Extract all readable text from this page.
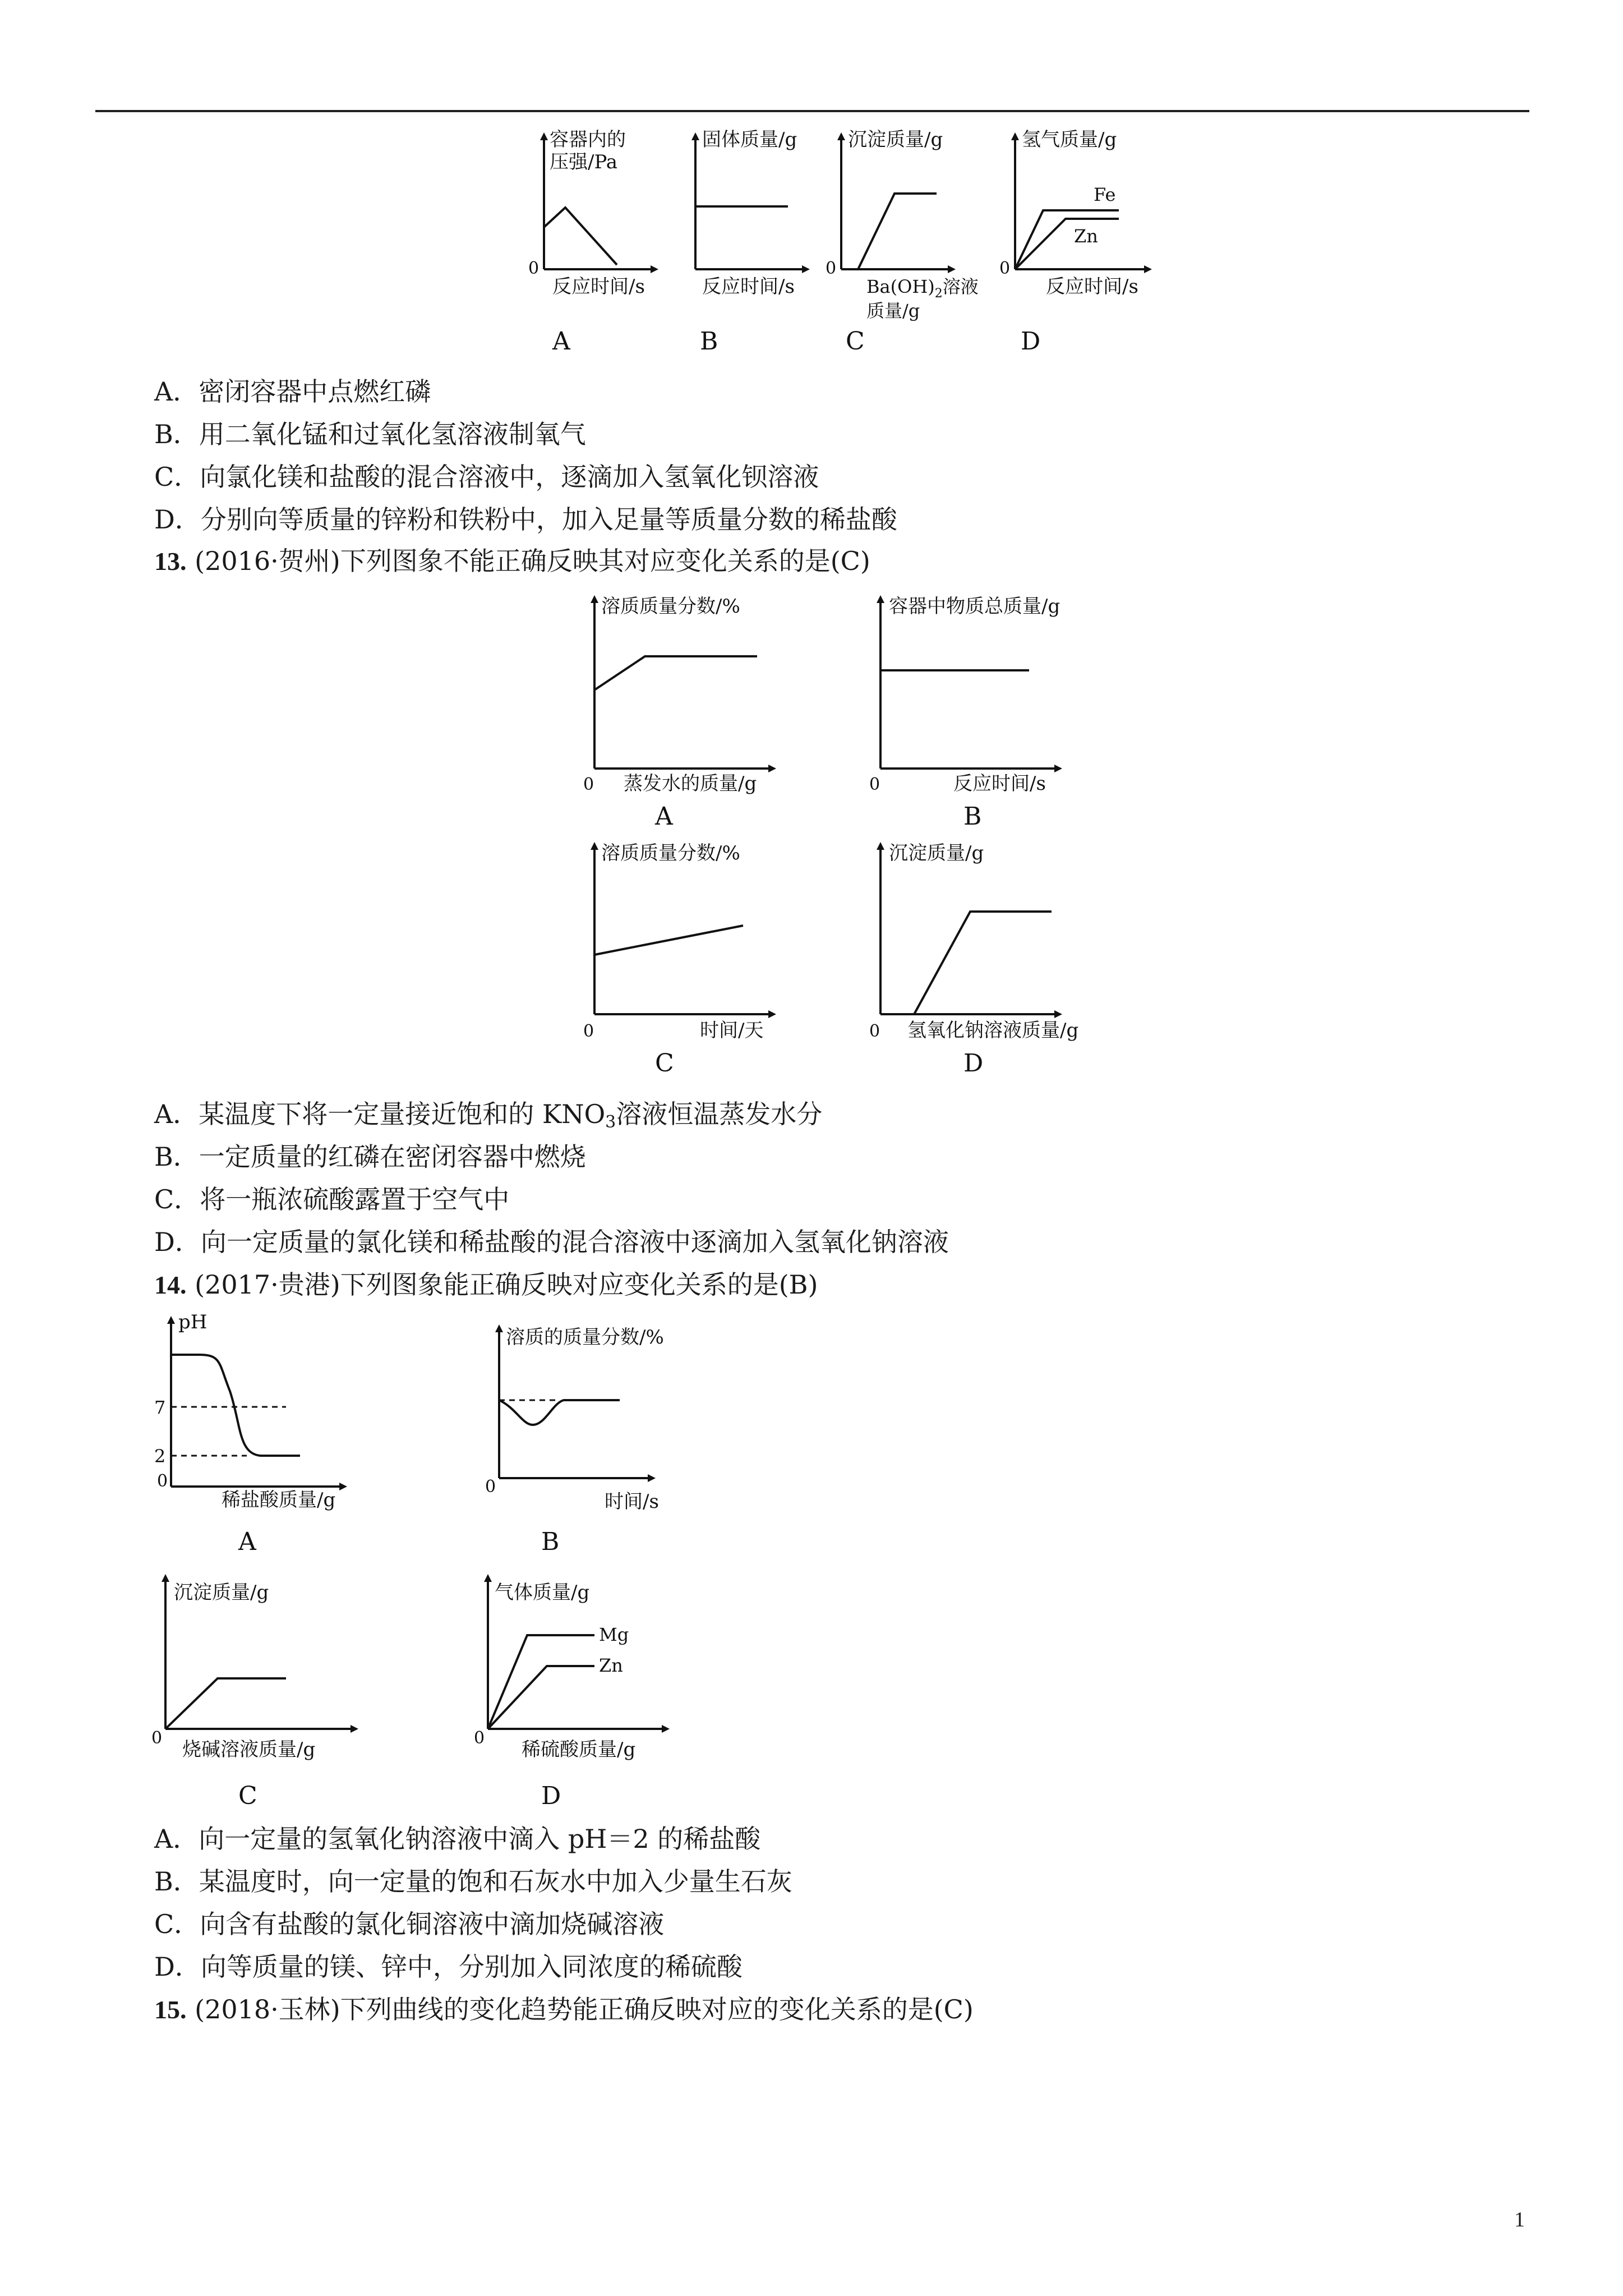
容器内的
压强/Pa
0
反应时间/s
固体质量/g
反应时间/s
沉淀质量/g
0
$Ba(OH)_2$溶液
质量/g
氢气质量/g
Fe
Zn
0
反应时间/s
A	B	C	D
A．密闭容器中点燃红磷
B．用二氧化锰和过氧化氢溶液制氧气
C．向氯化镁和盐酸的混合溶液中，逐滴加入氢氧化钡溶液
D．分别向等质量的锌粉和铁粉中，加入足量等质量分数的稀盐酸
13. (2016·贺州)下列图象不能正确反映其对应变化关系的是(C)
溶质质量分数/%
0 蒸发水的质量/g
容器中物质总质量/g
0	反应时间/s
A	B
溶质质量分数/%
0	时间/天
沉淀质量/g
0 氢氧化钠溶液质量/g
C	D
A．某温度下将一定量接近饱和的 KNO3溶液恒温蒸发水分
B．一定质量的红磷在密闭容器中燃烧
C．将一瓶浓硫酸露置于空气中
D．向一定质量的氯化镁和稀盐酸的混合溶液中逐滴加入氢氧化钠溶液
14. (2017·贵港)下列图象能正确反映对应变化关系的是(B)
pH
7
2
0
稀盐酸质量/g
溶质的质量分数/%
0
时间/s
A	B
沉淀质量/g
0
烧碱溶液质量/g
气体质量/g
Mg
Zn
0
稀硫酸质量/g
C	D
A．向一定量的氢氧化钠溶液中滴入 pH＝2 的稀盐酸
B．某温度时，向一定量的饱和石灰水中加入少量生石灰
C．向含有盐酸的氯化铜溶液中滴加烧碱溶液
D．向等质量的镁、锌中，分别加入同浓度的稀硫酸
15. (2018·玉林)下列曲线的变化趋势能正确反映对应的变化关系的是(C)
1
